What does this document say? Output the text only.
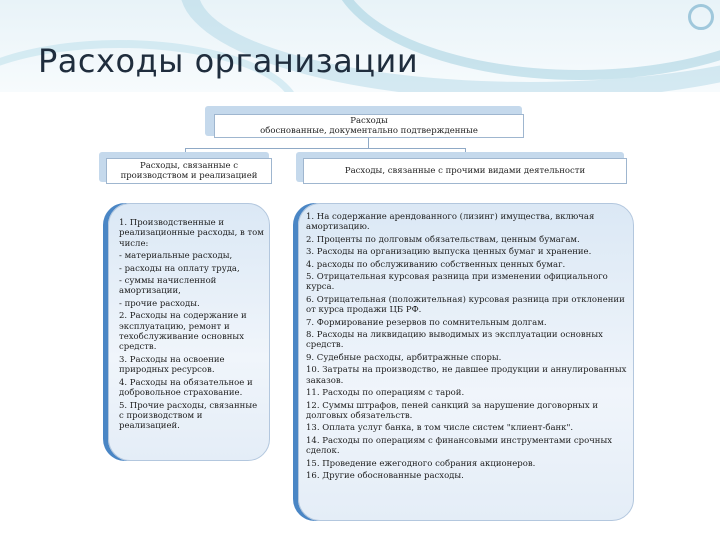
Расходы организации
Расходы
обоснованные, документально подтвержденные
Расходы, связанные с производством и реализацией	Расходы, связанные с прочими видами деятельности
1. Производственные и реализационные расходы, в том числе:
- материальные расходы,
- расходы на оплату труда,
- суммы начисленной амортизации,
- прочие расходы.
2. Расходы на содержание и эксплуатацию, ремонт и техобслуживание основных средств.
3. Расходы на освоение природных ресурсов.
4. Расходы на обязательное и добровольное страхование.
5. Прочие расходы, связанные с производством и реализацией.
1. На содержание арендованного (лизинг) имущества, включая амортизацию.
2. Проценты по долговым обязательствам, ценным бумагам.
3. Расходы на организацию выпуска ценных бумаг и хранение.
4. расходы по обслуживанию собственных ценных бумаг.
5. Отрицательная курсовая разница при изменении официального курса.
6. Отрицательная (положительная) курсовая разница при отклонении от курса продажи ЦБ РФ.
7. Формирование резервов по сомнительным долгам.
8. Расходы на ликвидацию выводимых из эксплуатации основных средств.
9. Судебные расходы, арбитражные споры.
10. Затраты на производство, не давшее продукции и аннулированных заказов.
11. Расходы по операциям с тарой.
12. Суммы штрафов, пеней санкций за нарушение договорных и долговых обязательств.
13. Оплата услуг банка, в том числе систем "клиент-банк".
14. Расходы по операциям с финансовыми инструментами срочных сделок.
15. Проведение ежегодного собрания акционеров.
16. Другие обоснованные расходы.
